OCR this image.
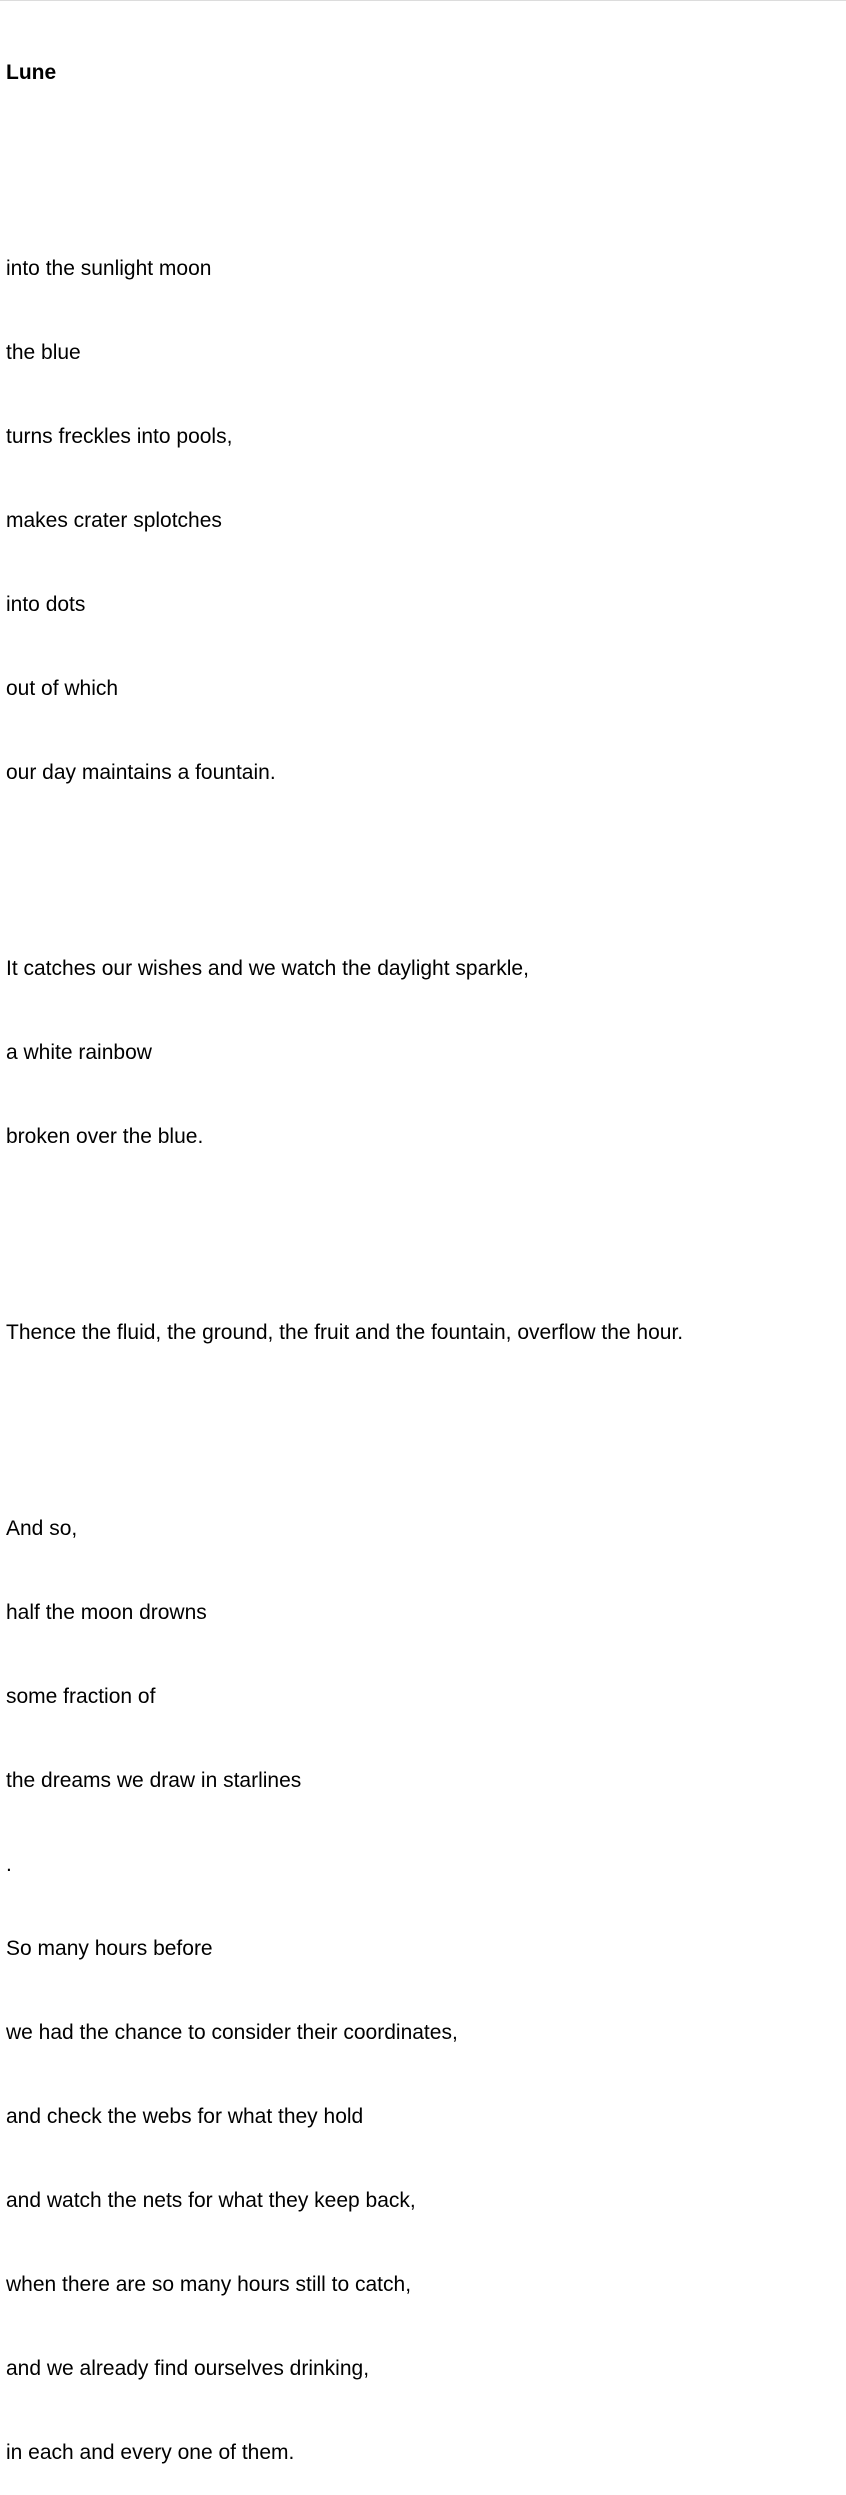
Lune

into the sunlight moon

the blue

turns freckles into pools,

makes crater splotches

into dots

out of which

our day maintains a fountain.

It catches our wishes and we watch the daylight sparkle,

a white rainbow

broken over the blue.

Thence the fluid, the ground, the fruit and the fountain, overflow the hour.

And so,

half the moon drowns

some fraction of

the dreams we draw in starlines

.

So many hours before

we had the chance to consider their coordinates,

and check the webs for what they hold

and watch the nets for what they keep back,

when there are so many hours still to catch,

and we already find ourselves drinking,

in each and every one of them.
